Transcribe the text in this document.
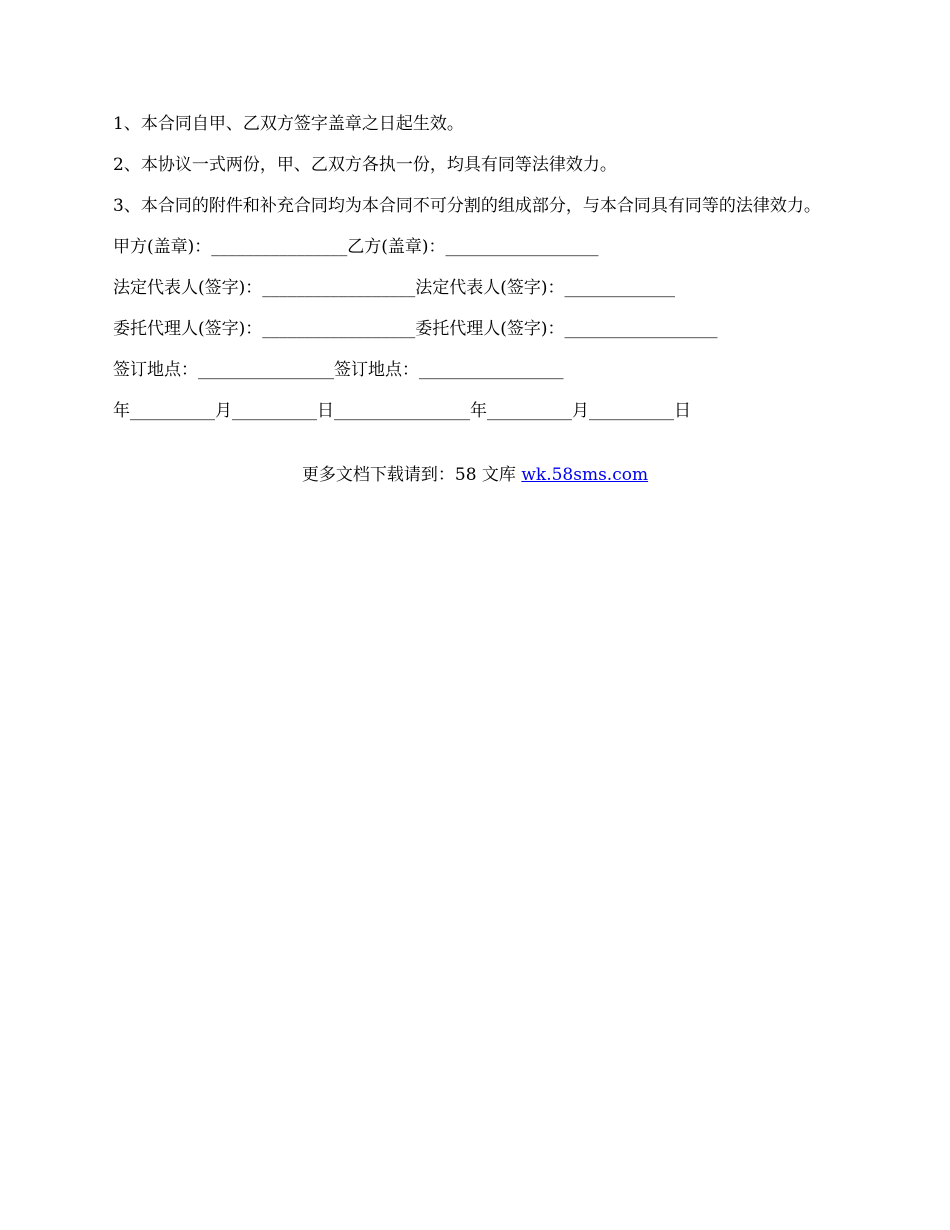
1、本合同自甲、乙双方签字盖章之日起生效。

2、本协议一式两份，甲、乙双方各执一份，均具有同等法律效力。

3、本合同的附件和补充合同均为本合同不可分割的组成部分，与本合同具有同等的法律效力。

甲方(盖章)：________________乙方(盖章)：__________________

法定代表人(签字)：__________________法定代表人(签字)：_____________

委托代理人(签字)：__________________委托代理人(签字)：__________________

签订地点：________________签订地点：_________________

年__________月__________日________________年__________月__________日

更多文档下载请到：58 文库 wk.58sms.com
